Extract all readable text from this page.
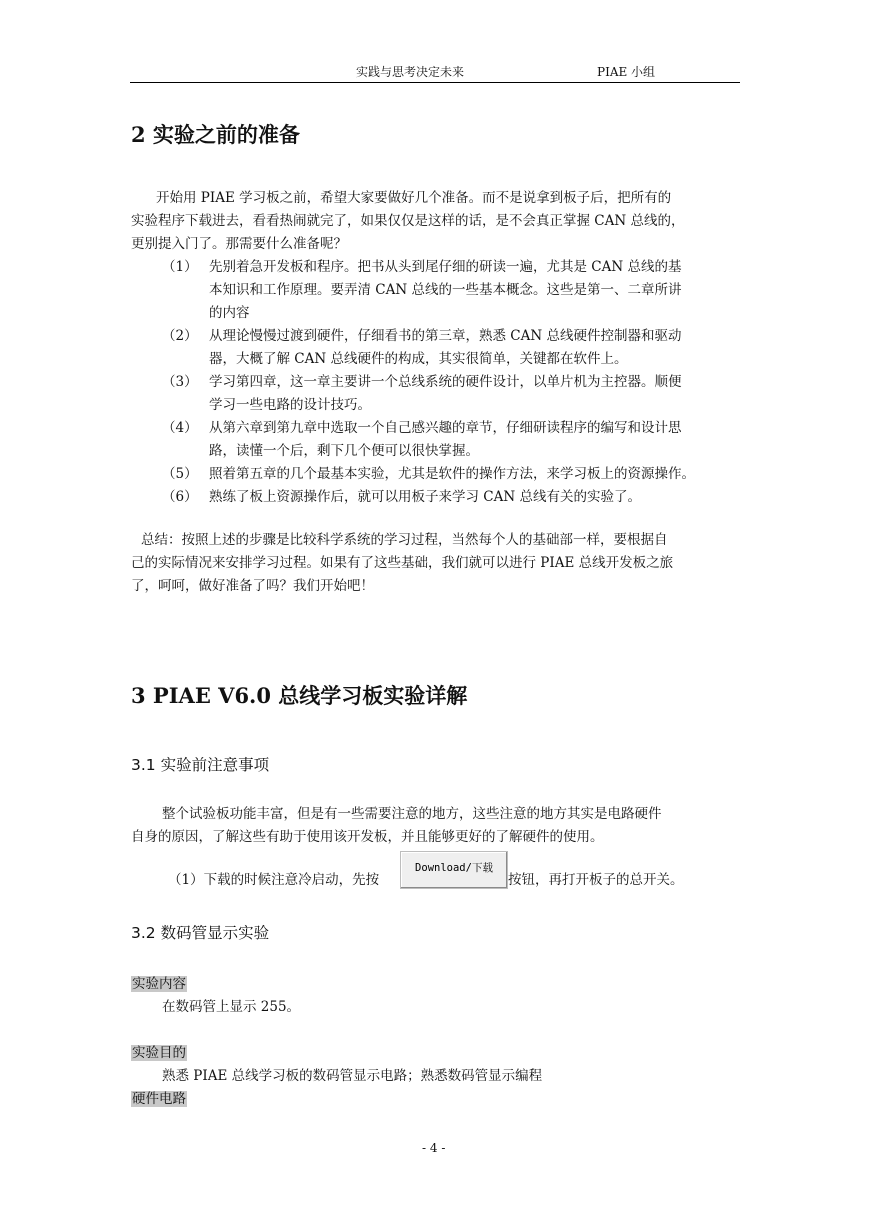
实践与思考决定未来	PIAE 小组
2 实验之前的准备
开始用 PIAE 学习板之前，希望大家要做好几个准备。而不是说拿到板子后，把所有的
实验程序下载进去，看看热闹就完了，如果仅仅是这样的话，是不会真正掌握 CAN 总线的，
更别提入门了。那需要什么准备呢？
（1） 先别着急开发板和程序。把书从头到尾仔细的研读一遍，尤其是 CAN 总线的基
本知识和工作原理。要弄清 CAN 总线的一些基本概念。这些是第一、二章所讲
的内容
（2） 从理论慢慢过渡到硬件，仔细看书的第三章，熟悉 CAN 总线硬件控制器和驱动
器，大概了解 CAN 总线硬件的构成，其实很简单，关键都在软件上。
（3） 学习第四章，这一章主要讲一个总线系统的硬件设计，以单片机为主控器。顺便
学习一些电路的设计技巧。
（4） 从第六章到第九章中选取一个自己感兴趣的章节，仔细研读程序的编写和设计思
路，读懂一个后，剩下几个便可以很快掌握。
（5） 照着第五章的几个最基本实验，尤其是软件的操作方法，来学习板上的资源操作。
（6） 熟练了板上资源操作后，就可以用板子来学习 CAN 总线有关的实验了。
总结：按照上述的步骤是比较科学系统的学习过程，当然每个人的基础部一样，要根据自
己的实际情况来安排学习过程。如果有了这些基础，我们就可以进行 PIAE 总线开发板之旅
了，呵呵，做好准备了吗？我们开始吧！
3 PIAE V6.0 总线学习板实验详解
3.1 实验前注意事项
整个试验板功能丰富，但是有一些需要注意的地方，这些注意的地方其实是电路硬件
自身的原因，了解这些有助于使用该开发板，并且能够更好的了解硬件的使用。
（1）下载的时候注意冷启动，先按
Download/下载
按钮，再打开板子的总开关。
3.2 数码管显示实验
实验内容
在数码管上显示 255。
实验目的
熟悉 PIAE 总线学习板的数码管显示电路；熟悉数码管显示编程
硬件电路
- 4 -
